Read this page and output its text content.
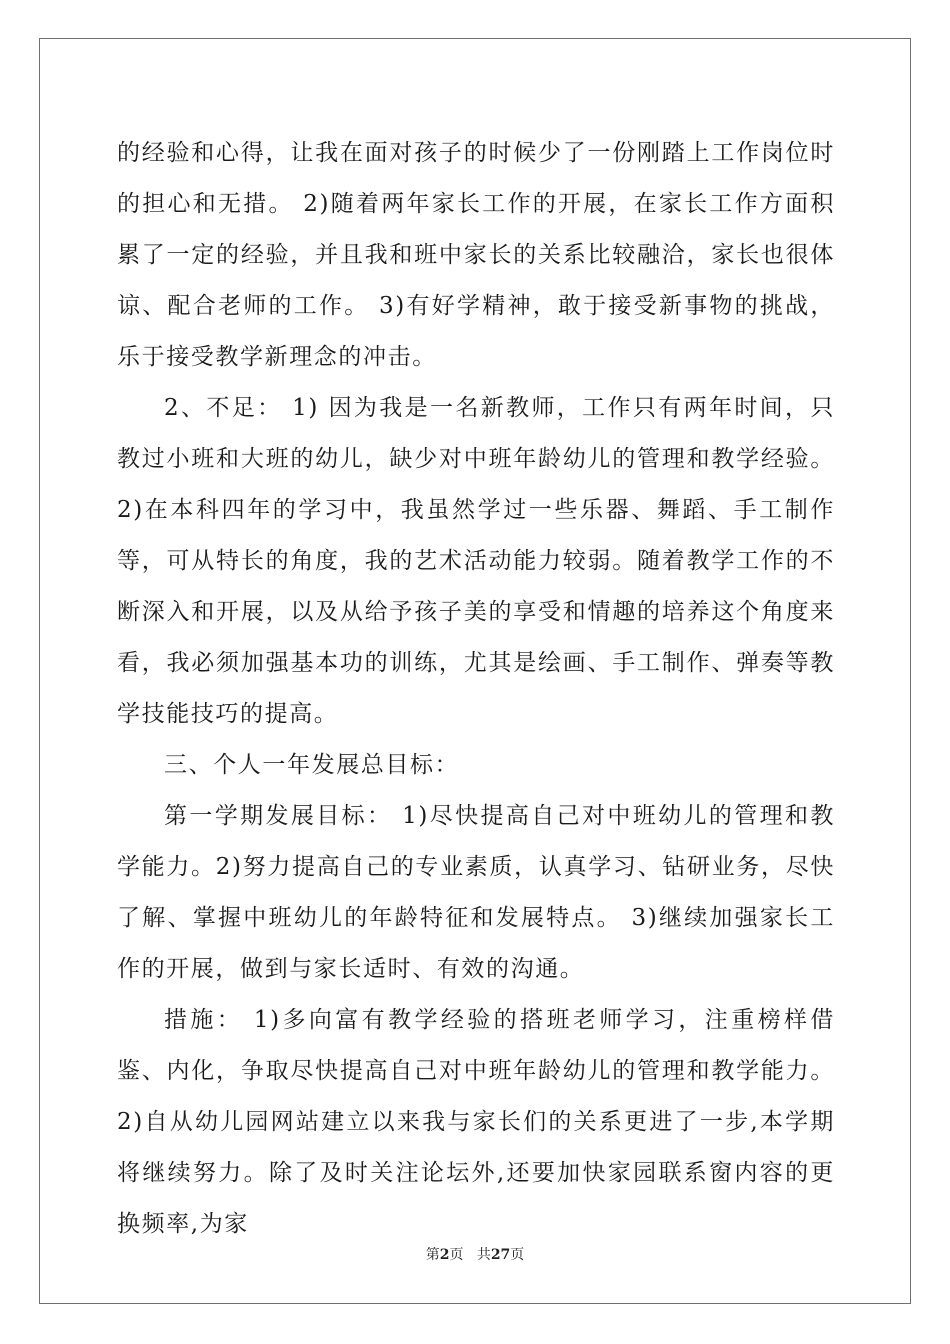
的经验和心得，让我在面对孩子的时候少了一份刚踏上工作岗位时的担心和无措。 2)随着两年家长工作的开展，在家长工作方面积累了一定的经验，并且我和班中家长的关系比较融洽，家长也很体谅、配合老师的工作。 3)有好学精神，敢于接受新事物的挑战，乐于接受教学新理念的冲击。

2、不足： 1) 因为我是一名新教师，工作只有两年时间，只教过小班和大班的幼儿，缺少对中班年龄幼儿的管理和教学经验。 2)在本科四年的学习中，我虽然学过一些乐器、舞蹈、手工制作等，可从特长的角度，我的艺术活动能力较弱。随着教学工作的不断深入和开展，以及从给予孩子美的享受和情趣的培养这个角度来看，我必须加强基本功的训练，尤其是绘画、手工制作、弹奏等教学技能技巧的提高。

三、个人一年发展总目标：

第一学期发展目标： 1)尽快提高自己对中班幼儿的管理和教学能力。2)努力提高自己的专业素质，认真学习、钻研业务，尽快了解、掌握中班幼儿的年龄特征和发展特点。 3)继续加强家长工作的开展，做到与家长适时、有效的沟通。

措施： 1)多向富有教学经验的搭班老师学习，注重榜样借鉴、内化，争取尽快提高自己对中班年龄幼儿的管理和教学能力。2)自从幼儿园网站建立以来我与家长们的关系更进了一步,本学期将继续努力。除了及时关注论坛外,还要加快家园联系窗内容的更换频率,为家

第2页 共27页
